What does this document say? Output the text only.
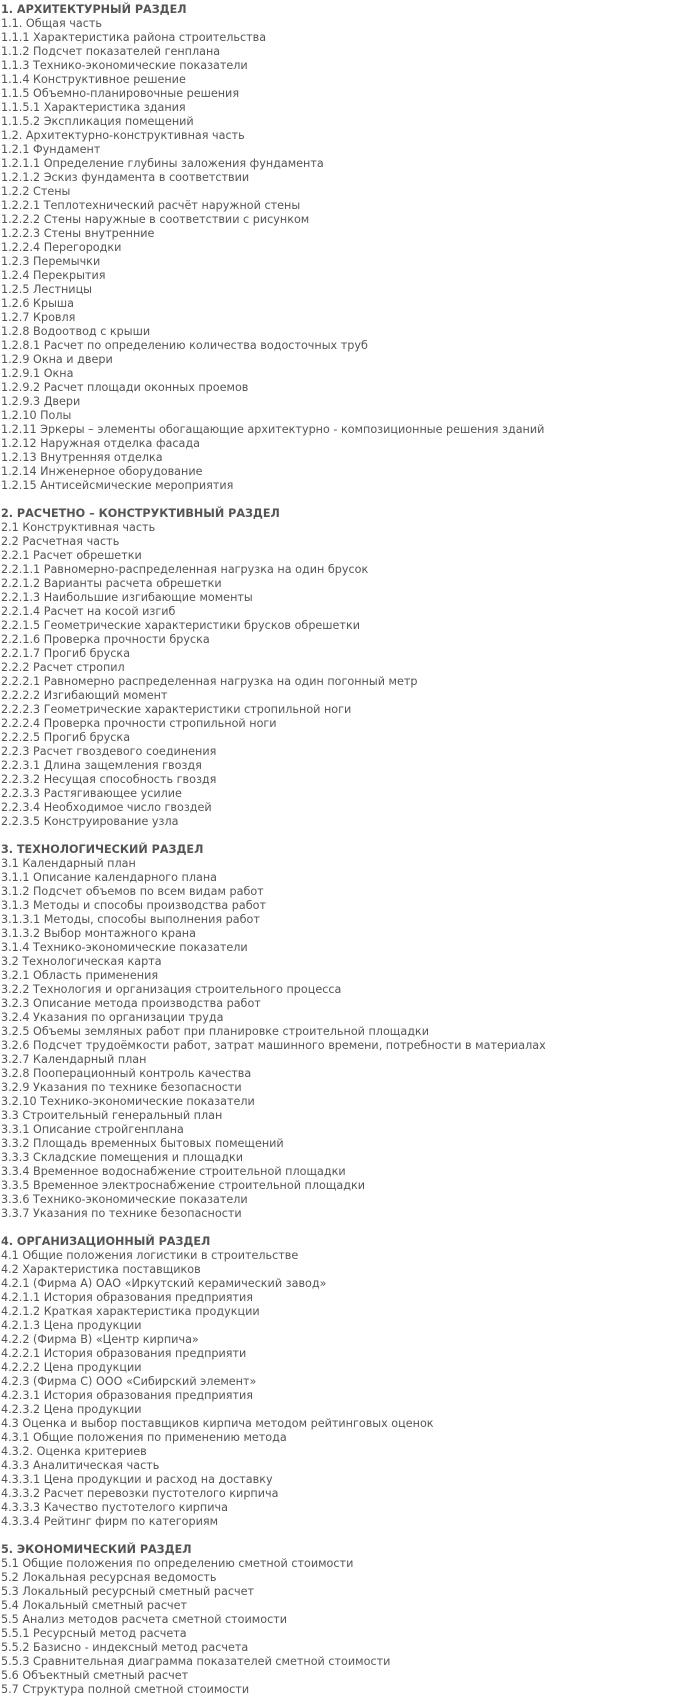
1. АРХИТЕКТУРНЫЙ РАЗДЕЛ
1.1. Общая часть
1.1.1 Характеристика района строительства
1.1.2 Подсчет показателей генплана
1.1.3 Технико-экономические показатели
1.1.4 Конструктивное решение
1.1.5 Объемно-планировочные решения
1.1.5.1 Характеристика здания
1.1.5.2 Экспликация помещений
1.2. Архитектурно-конструктивная часть
1.2.1 Фундамент
1.2.1.1 Определение глубины заложения фундамента
1.2.1.2 Эскиз фундамента в соответствии
1.2.2 Стены
1.2.2.1 Теплотехнический расчёт наружной стены
1.2.2.2 Стены наружные в соответствии с рисунком
1.2.2.3 Стены внутренние
1.2.2.4 Перегородки
1.2.3 Перемычки
1.2.4 Перекрытия
1.2.5 Лестницы
1.2.6 Крыша
1.2.7 Кровля
1.2.8 Водоотвод с крыши
1.2.8.1 Расчет по определению количества водосточных труб
1.2.9 Окна и двери
1.2.9.1 Окна
1.2.9.2 Расчет площади оконных проемов
1.2.9.3 Двери
1.2.10 Полы
1.2.11 Эркеры – элементы обогащающие архитектурно - композиционные решения зданий
1.2.12 Наружная отделка фасада
1.2.13 Внутренняя отделка
1.2.14 Инженерное оборудование
1.2.15 Антисейсмические мероприятия
2. РАСЧЕТНО – КОНСТРУКТИВНЫЙ РАЗДЕЛ
2.1 Конструктивная часть
2.2 Расчетная часть
2.2.1 Расчет обрешетки
2.2.1.1 Равномерно-распределенная нагрузка на один брусок
2.2.1.2 Варианты расчета обрешетки
2.2.1.3 Наибольшие изгибающие моменты
2.2.1.4 Расчет на косой изгиб
2.2.1.5 Геометрические характеристики брусков обрешетки
2.2.1.6 Проверка прочности бруска
2.2.1.7 Прогиб бруска
2.2.2 Расчет стропил
2.2.2.1 Равномерно распределенная нагрузка на один погонный метр
2.2.2.2 Изгибающий момент
2.2.2.3 Геометрические характеристики стропильной ноги
2.2.2.4 Проверка прочности стропильной ноги
2.2.2.5 Прогиб бруска
2.2.3 Расчет гвоздевого соединения
2.2.3.1 Длина защемления гвоздя
2.2.3.2 Несущая способность гвоздя
2.2.3.3 Растягивающее усилие
2.2.3.4 Необходимое число гвоздей
2.2.3.5 Конструирование узла
3. ТЕХНОЛОГИЧЕСКИЙ РАЗДЕЛ
3.1 Календарный план
3.1.1 Описание календарного плана
3.1.2 Подсчет объемов по всем видам работ
3.1.3 Методы и способы производства работ
3.1.3.1 Методы, способы выполнения работ
3.1.3.2 Выбор монтажного крана
3.1.4 Технико-экономические показатели
3.2 Технологическая карта
3.2.1 Область применения
3.2.2 Технология и организация строительного процесса
3.2.3 Описание метода производства работ
3.2.4 Указания по организации труда
3.2.5 Объемы земляных работ при планировке строительной площадки
3.2.6 Подсчет трудоёмкости работ, затрат машинного времени, потребности в материалах
3.2.7 Календарный план
3.2.8 Пооперационный контроль качества
3.2.9 Указания по технике безопасности
3.2.10 Технико-экономические показатели
3.3 Строительный генеральный план
3.3.1 Описание стройгенплана
3.3.2 Площадь временных бытовых помещений
3.3.3 Складские помещения и площадки
3.3.4 Временное водоснабжение строительной площадки
3.3.5 Временное электроснабжение строительной площадки
3.3.6 Технико-экономические показатели
3.3.7 Указания по технике безопасности
4. ОРГАНИЗАЦИОННЫЙ РАЗДЕЛ
4.1 Общие положения логистики в строительстве
4.2 Характеристика поставщиков
4.2.1 (Фирма А) ОАО «Иркутский керамический завод»
4.2.1.1 История образования предприятия
4.2.1.2 Краткая характеристика продукции
4.2.1.3 Цена продукции
4.2.2 (Фирма В) «Центр кирпича»
4.2.2.1 История образования предприяти
4.2.2.2 Цена продукции
4.2.3 (Фирма С) ООО «Сибирский элемент»
4.2.3.1 История образования предприятия
4.2.3.2 Цена продукции
4.3 Оценка и выбор поставщиков кирпича методом рейтинговых оценок
4.3.1 Общие положения по применению метода
4.3.2. Оценка критериев
4.3.3 Аналитическая часть
4.3.3.1 Цена продукции и расход на доставку
4.3.3.2 Расчет перевозки пустотелого кирпича
4.3.3.3 Качество пустотелого кирпича
4.3.3.4 Рейтинг фирм по категориям
5. ЭКОНОМИЧЕСКИЙ РАЗДЕЛ
5.1 Общие положения по определению сметной стоимости
5.2 Локальная ресурсная ведомость
5.3 Локальный ресурсный сметный расчет
5.4 Локальный сметный расчет
5.5 Анализ методов расчета сметной стоимости
5.5.1 Ресурсный метод расчета
5.5.2 Базисно - индексный метод расчета
5.5.3 Сравнительная диаграмма показателей сметной стоимости
5.6 Объектный сметный расчет
5.7 Структура полной сметной стоимости
